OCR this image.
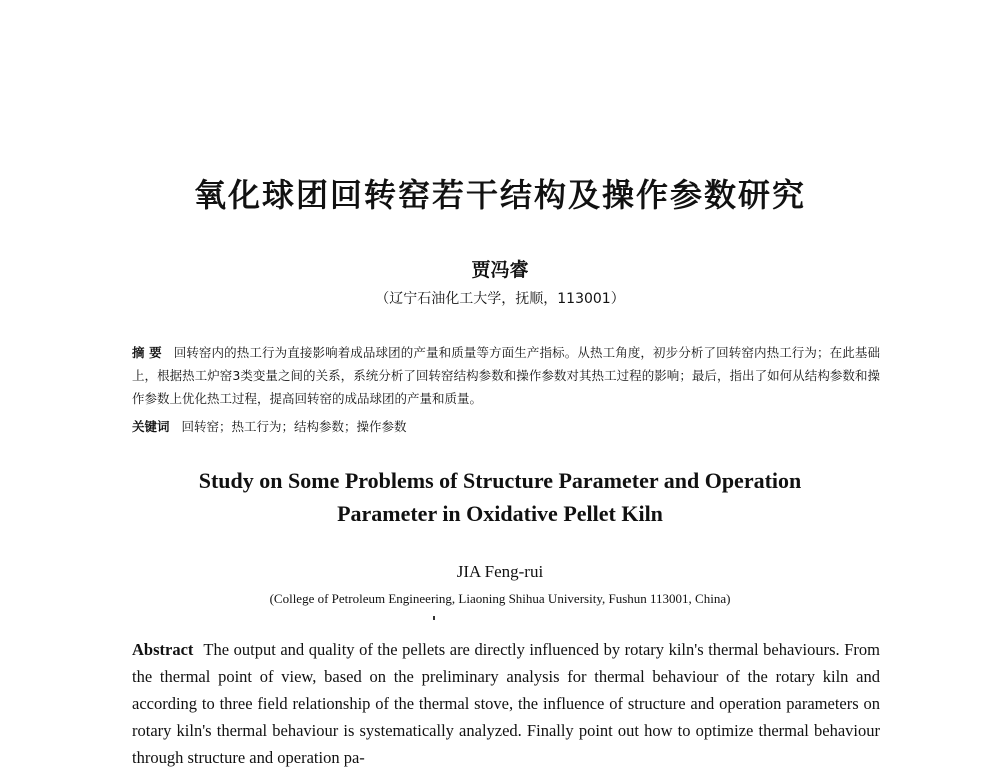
氧化球团回转窑若干结构及操作参数研究
贾冯睿
（辽宁石油化工大学，抚顺，113001）
摘 要 回转窑内的热工行为直接影响着成品球团的产量和质量等方面生产指标。从热工角度，初步分析了回转窑内热工行为；在此基础上，根据热工炉窑3类变量之间的关系，系统分析了回转窑结构参数和操作参数对其热工过程的影响；最后，指出了如何从结构参数和操作参数上优化热工过程，提高回转窑的成品球团的产量和质量。
关键词 回转窑；热工行为；结构参数；操作参数
Study on Some Problems of Structure Parameter and Operation Parameter in Oxidative Pellet Kiln
JIA Feng-rui
(College of Petroleum Engineering, Liaoning Shihua University, Fushun 113001, China)
Abstract The output and quality of the pellets are directly influenced by rotary kiln's thermal behaviours. From the thermal point of view, based on the preliminary analysis for thermal behaviour of the rotary kiln and according to three field relationship of the thermal stove, the influence of structure and operation parameters on rotary kiln's thermal behaviour is systematically analyzed. Finally point out how to optimize thermal behaviour through structure and operation pa-
